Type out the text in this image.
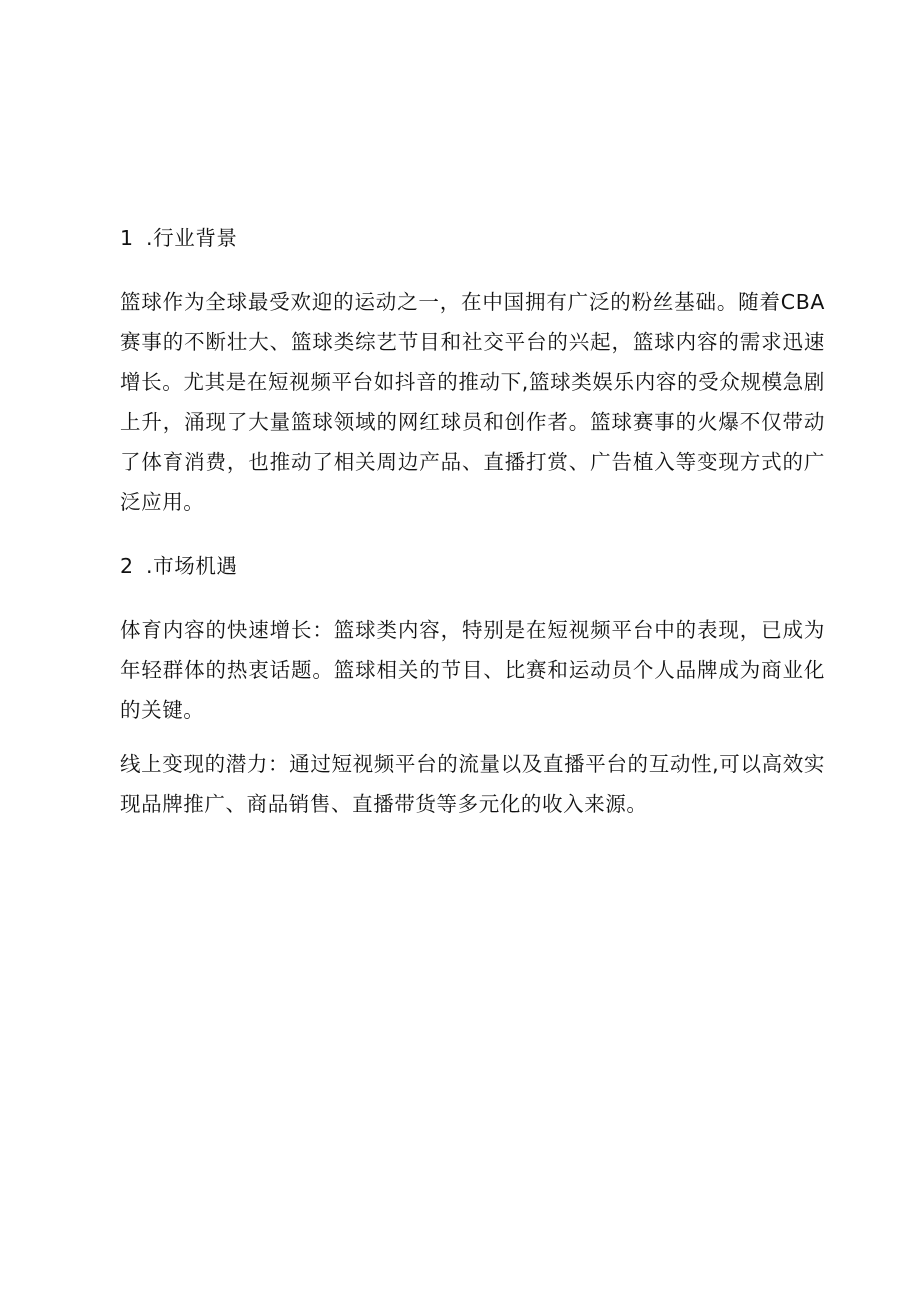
1 .行业背景

篮球作为全球最受欢迎的运动之一，在中国拥有广泛的粉丝基础。随着CBA赛事的不断壮大、篮球类综艺节目和社交平台的兴起，篮球内容的需求迅速增长。尤其是在短视频平台如抖音的推动下,篮球类娱乐内容的受众规模急剧上升，涌现了大量篮球领域的网红球员和创作者。篮球赛事的火爆不仅带动了体育消费，也推动了相关周边产品、直播打赏、广告植入等变现方式的广泛应用。

2 .市场机遇

体育内容的快速增长：篮球类内容，特别是在短视频平台中的表现，已成为年轻群体的热衷话题。篮球相关的节目、比赛和运动员个人品牌成为商业化的关键。

线上变现的潜力：通过短视频平台的流量以及直播平台的互动性,可以高效实现品牌推广、商品销售、直播带货等多元化的收入来源。
